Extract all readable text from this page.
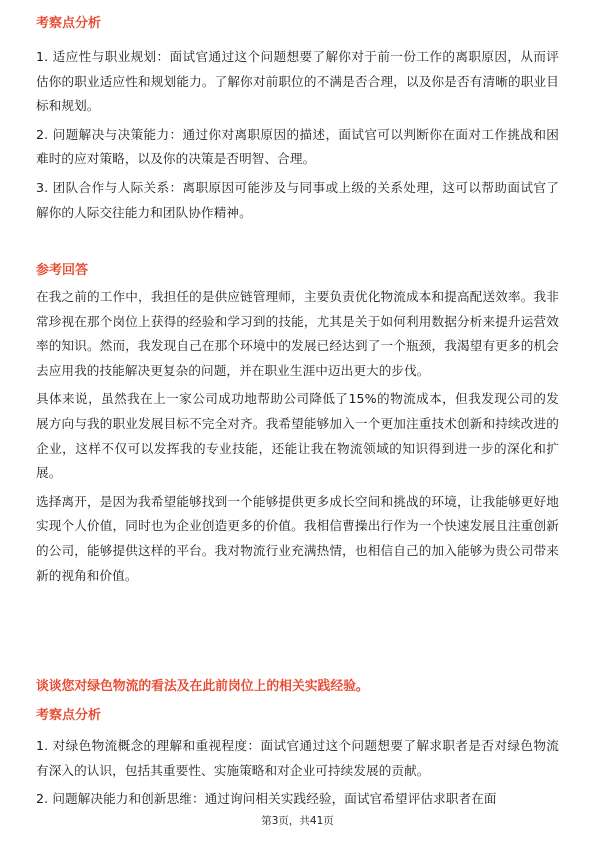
考察点分析

1. 适应性与职业规划：面试官通过这个问题想要了解你对于前一份工作的离职原因，从而评估你的职业适应性和规划能力。了解你对前职位的不满是否合理，以及你是否有清晰的职业目标和规划。

2. 问题解决与决策能力：通过你对离职原因的描述，面试官可以判断你在面对工作挑战和困难时的应对策略，以及你的决策是否明智、合理。

3. 团队合作与人际关系：离职原因可能涉及与同事或上级的关系处理，这可以帮助面试官了解你的人际交往能力和团队协作精神。

参考回答

在我之前的工作中，我担任的是供应链管理师，主要负责优化物流成本和提高配送效率。我非常珍视在那个岗位上获得的经验和学习到的技能，尤其是关于如何利用数据分析来提升运营效率的知识。然而，我发现自己在那个环境中的发展已经达到了一个瓶颈，我渴望有更多的机会去应用我的技能解决更复杂的问题，并在职业生涯中迈出更大的步伐。

具体来说，虽然我在上一家公司成功地帮助公司降低了15%的物流成本，但我发现公司的发展方向与我的职业发展目标不完全对齐。我希望能够加入一个更加注重技术创新和持续改进的企业，这样不仅可以发挥我的专业技能，还能让我在物流领域的知识得到进一步的深化和扩展。

选择离开，是因为我希望能够找到一个能够提供更多成长空间和挑战的环境，让我能够更好地实现个人价值，同时也为企业创造更多的价值。我相信曹操出行作为一个快速发展且注重创新的公司，能够提供这样的平台。我对物流行业充满热情，也相信自己的加入能够为贵公司带来新的视角和价值。

谈谈您对绿色物流的看法及在此前岗位上的相关实践经验。

考察点分析

1. 对绿色物流概念的理解和重视程度：面试官通过这个问题想要了解求职者是否对绿色物流有深入的认识，包括其重要性、实施策略和对企业可持续发展的贡献。

2. 问题解决能力和创新思维：通过询问相关实践经验，面试官希望评估求职者在面

第3页，共41页
